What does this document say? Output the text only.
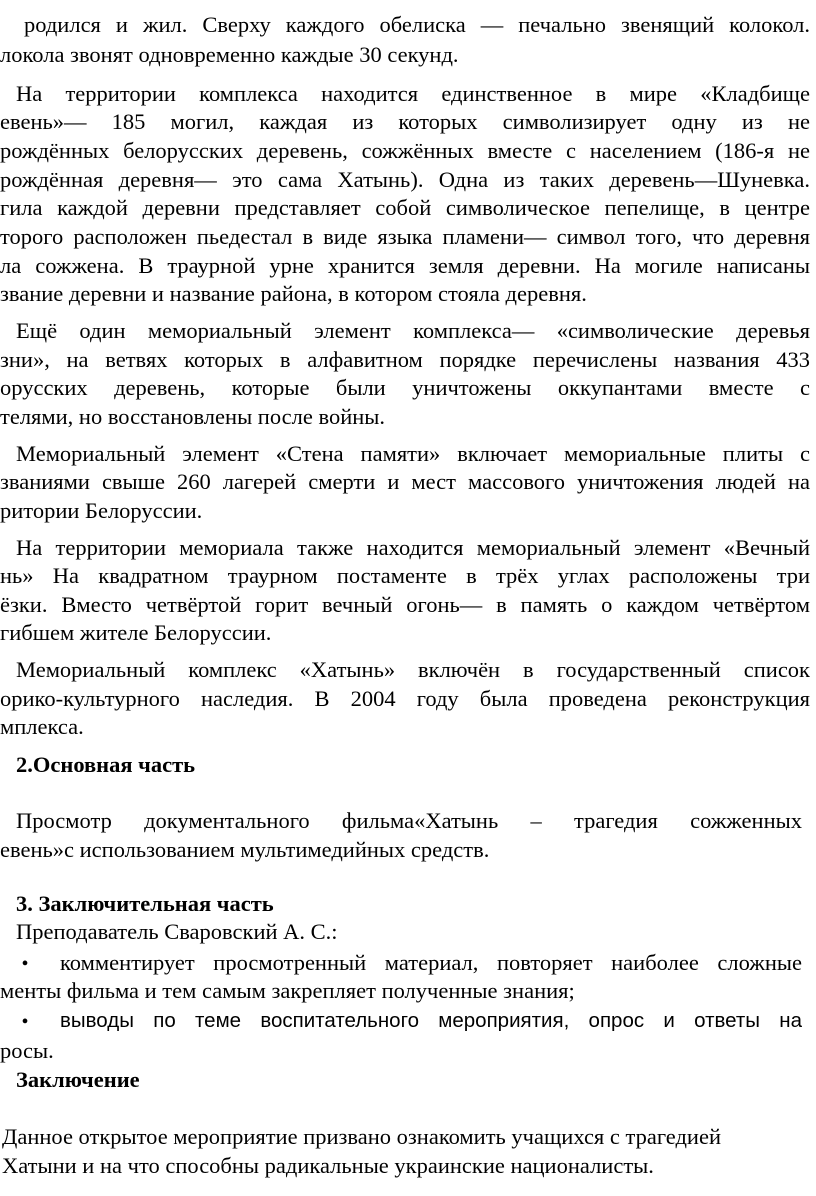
родился и жил. Сверху каждого обелиска — печально звенящий колокол.
локола звонят одновременно каждые 30 секунд.
На территории комплекса находится единственное в мире «Кладбище
евень»— 185 могил, каждая из которых символизирует одну из не
рождённых белорусских деревень, сожжённых вместе с населением (186-я не
рождённая деревня— это сама Хатынь). Одна из таких деревень—Шуневка.
гила каждой деревни представляет собой символическое пепелище, в центре
торого расположен пьедестал в виде языка пламени— символ того, что деревня
ла сожжена. В траурной урне хранится земля деревни. На могиле написаны
звание деревни и название района, в котором стояла деревня.
Ещё один мемориальный элемент комплекса— «символические деревья
зни», на ветвях которых в алфавитном порядке перечислены названия 433
орусских деревень, которые были уничтожены оккупантами вместе с
телями, но восстановлены после войны.
Мемориальный элемент «Стена памяти» включает мемориальные плиты с
званиями свыше 260 лагерей смерти и мест массового уничтожения людей на
ритории Белоруссии.
На территории мемориала также находится мемориальный элемент «Вечный
нь» На квадратном траурном постаменте в трёх углах расположены три
ёзки. Вместо четвёртой горит вечный огонь— в память о каждом четвёртом
гибшем жителе Белоруссии.
Мемориальный комплекс «Хатынь» включён в государственный список
орико-культурного наследия. В 2004 году была проведена реконструкция
мплекса.
2.Основная часть
Просмотр документального фильма«Хатынь – трагедия сожженных
евень»с использованием мультимедийных средств.
3. Заключительная часть
Преподаватель Сваровский А. С.:
• комментирует просмотренный материал, повторяет наиболее сложные
менты фильма и тем самым закрепляет полученные знания;
• выводы по теме воспитательного мероприятия, опрос и ответы на
росы.
Заключение
Данное открытое мероприятие призвано ознакомить учащихся с трагедией
Хатыни и на что способны радикальные украинские националисты.
